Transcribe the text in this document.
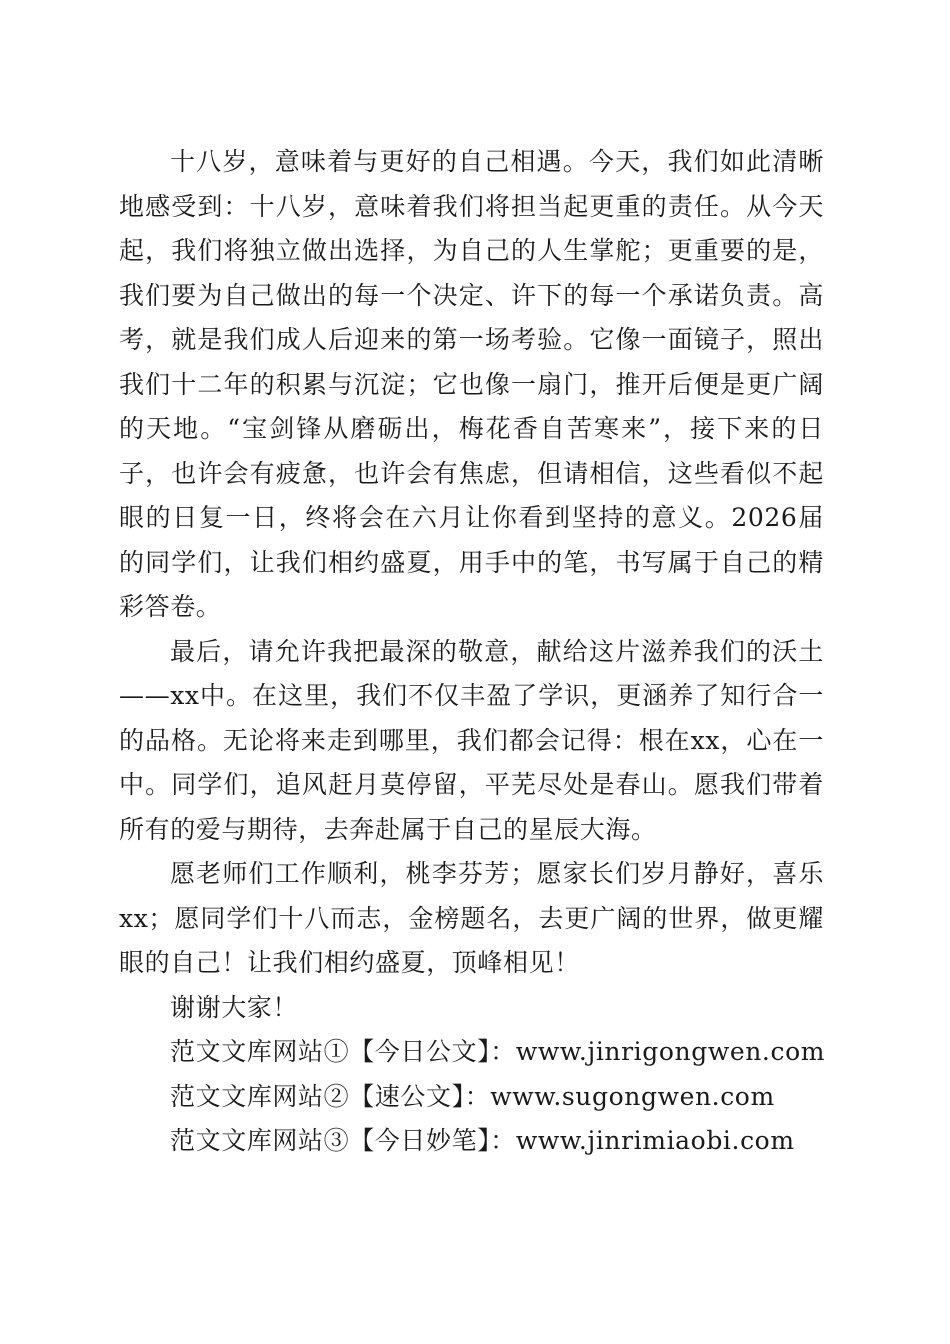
十八岁，意味着与更好的自己相遇。今天，我们如此清晰地感受到：十八岁，意味着我们将担当起更重的责任。从今天起，我们将独立做出选择，为自己的人生掌舵；更重要的是，我们要为自己做出的每一个决定、许下的每一个承诺负责。高考，就是我们成人后迎来的第一场考验。它像一面镜子，照出我们十二年的积累与沉淀；它也像一扇门，推开后便是更广阔的天地。“宝剑锋从磨砺出，梅花香自苦寒来”，接下来的日子，也许会有疲惫，也许会有焦虑，但请相信，这些看似不起眼的日复一日，终将会在六月让你看到坚持的意义。2026届的同学们，让我们相约盛夏，用手中的笔，书写属于自己的精彩答卷。

最后，请允许我把最深的敬意，献给这片滋养我们的沃土——xx中。在这里，我们不仅丰盈了学识，更涵养了知行合一的品格。无论将来走到哪里，我们都会记得：根在xx，心在一中。同学们，追风赶月莫停留，平芜尽处是春山。愿我们带着所有的爱与期待，去奔赴属于自己的星辰大海。

愿老师们工作顺利，桃李芬芳；愿家长们岁月静好，喜乐xx；愿同学们十八而志，金榜题名，去更广阔的世界，做更耀眼的自己！让我们相约盛夏，顶峰相见！

谢谢大家！

范文文库网站①【今日公文】：www.jinrigongwen.com

范文文库网站②【速公文】：www.sugongwen.com

范文文库网站③【今日妙笔】：www.jinrimiaobi.com
